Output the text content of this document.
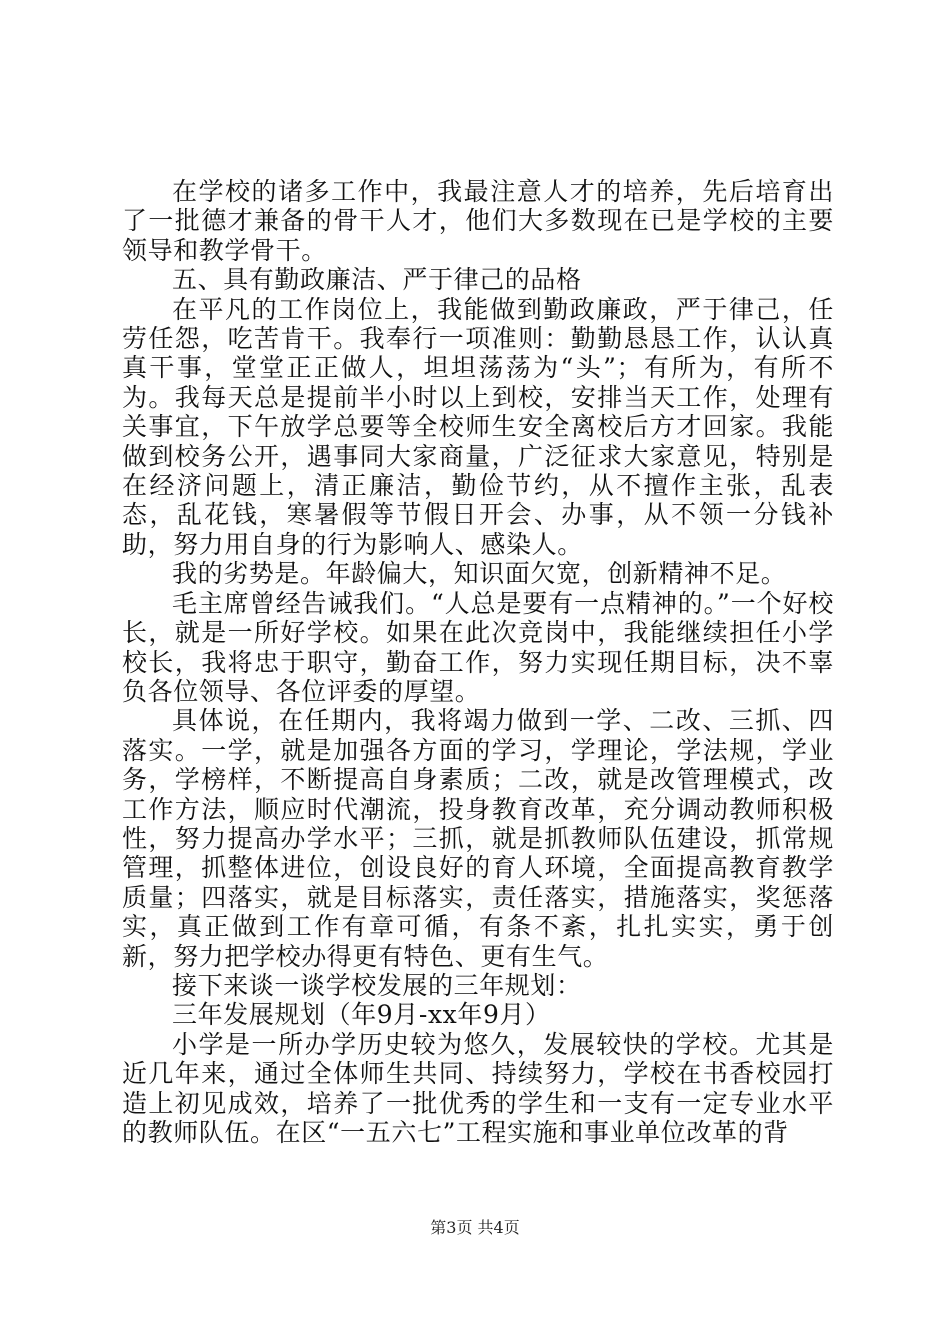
在学校的诸多工作中，我最注意人才的培养，先后培育出了一批德才兼备的骨干人才，他们大多数现在已是学校的主要领导和教学骨干。

五、具有勤政廉洁、严于律己的品格

在平凡的工作岗位上，我能做到勤政廉政，严于律己，任劳任怨，吃苦肯干。我奉行一项准则：勤勤恳恳工作，认认真真干事，堂堂正正做人，坦坦荡荡为“头”；有所为，有所不为。我每天总是提前半小时以上到校，安排当天工作，处理有关事宜，下午放学总要等全校师生安全离校后方才回家。我能做到校务公开，遇事同大家商量，广泛征求大家意见，特别是在经济问题上，清正廉洁，勤俭节约，从不擅作主张，乱表态，乱花钱，寒暑假等节假日开会、办事，从不领一分钱补助，努力用自身的行为影响人、感染人。

我的劣势是。年龄偏大，知识面欠宽，创新精神不足。

毛主席曾经告诫我们。“人总是要有一点精神的。”一个好校长，就是一所好学校。如果在此次竞岗中，我能继续担任小学校长，我将忠于职守，勤奋工作，努力实现任期目标，决不辜负各位领导、各位评委的厚望。

具体说，在任期内，我将竭力做到一学、二改、三抓、四落实。一学，就是加强各方面的学习，学理论，学法规，学业务，学榜样，不断提高自身素质；二改，就是改管理模式，改工作方法，顺应时代潮流，投身教育改革，充分调动教师积极性，努力提高办学水平；三抓，就是抓教师队伍建设，抓常规管理，抓整体进位，创设良好的育人环境，全面提高教育教学质量；四落实，就是目标落实，责任落实，措施落实，奖惩落实，真正做到工作有章可循，有条不紊，扎扎实实，勇于创新，努力把学校办得更有特色、更有生气。

接下来谈一谈学校发展的三年规划：

三年发展规划（年9月-xx年9月）

小学是一所办学历史较为悠久，发展较快的学校。尤其是近几年来，通过全体师生共同、持续努力，学校在书香校园打造上初见成效，培养了一批优秀的学生和一支有一定专业水平的教师队伍。在区“一五六七”工程实施和事业单位改革的背

第3页 共4页
